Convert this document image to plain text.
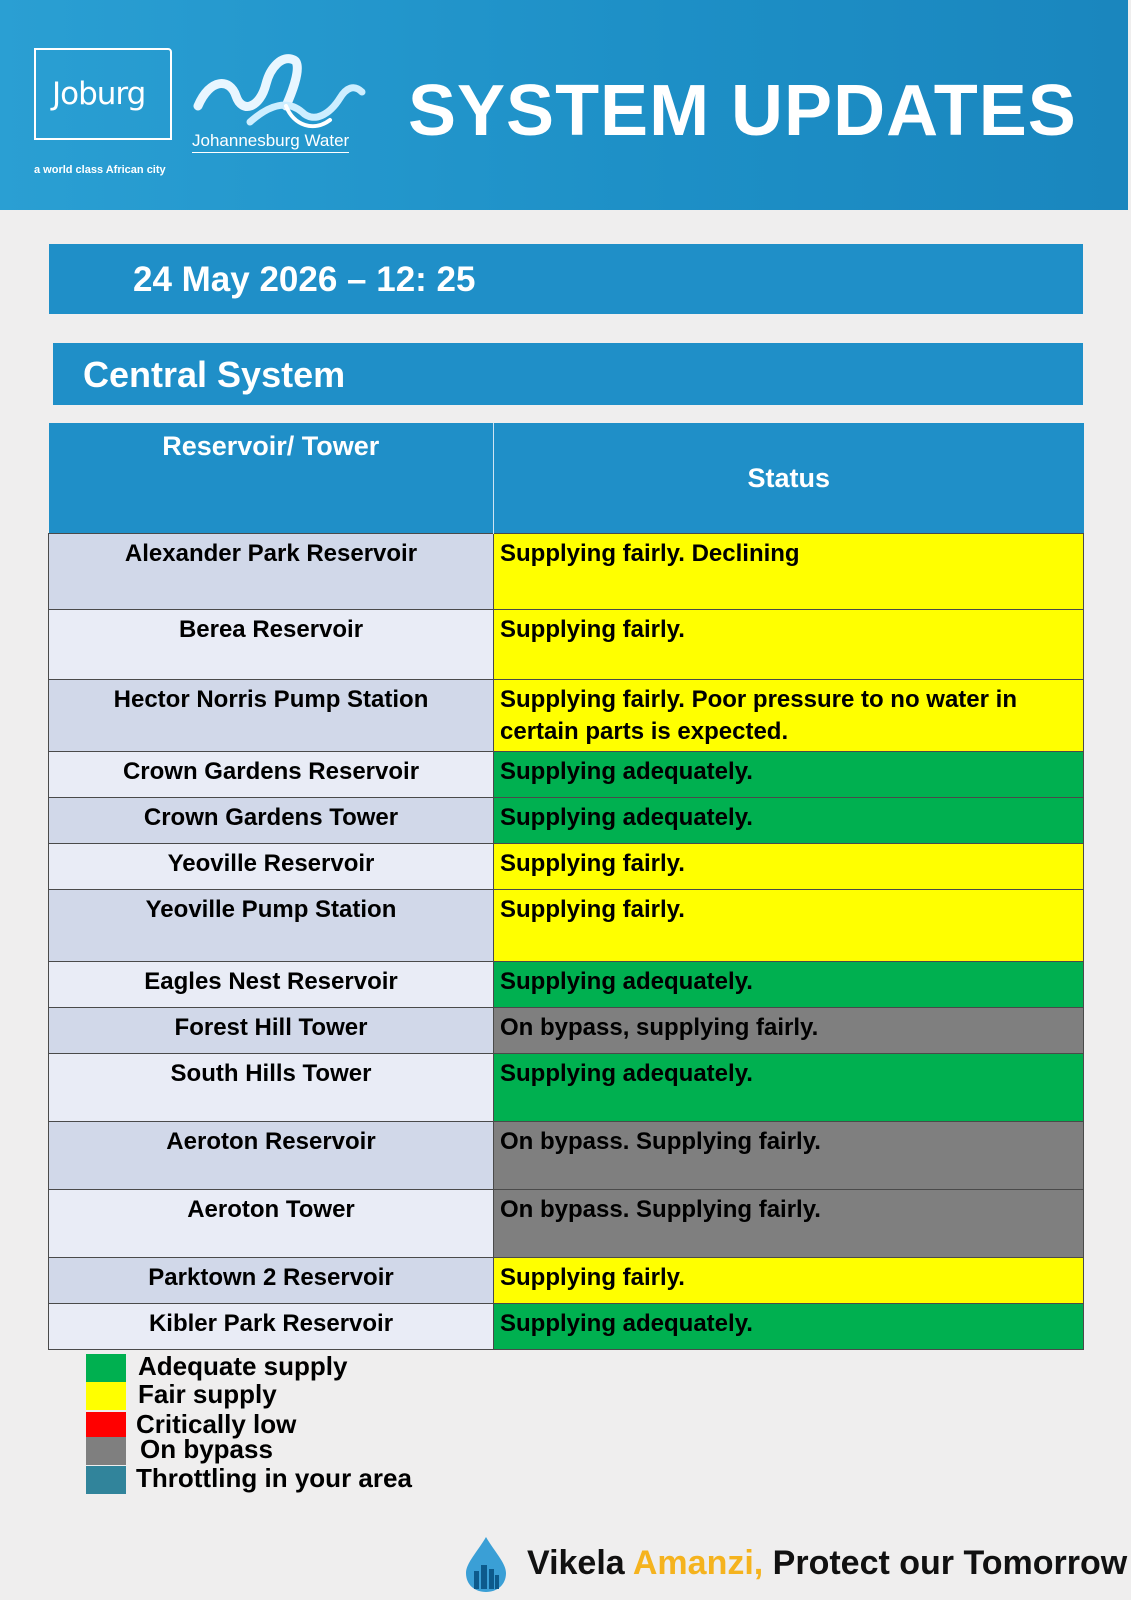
Joburg
a world class African city
Johannesburg Water SYSTEM UPDATES
24 May 2026 – 12: 25
Central System
Reservoir/ Tower	Status
Alexander Park Reservoir	Supplying fairly. Declining
Berea Reservoir	Supplying fairly.
Hector Norris Pump Station	Supplying fairly. Poor pressure to no water in certain parts is expected.
Crown Gardens Reservoir	Supplying adequately.
Crown Gardens Tower	Supplying adequately.
Yeoville Reservoir	Supplying fairly.
Yeoville Pump Station	Supplying fairly.
Eagles Nest Reservoir	Supplying adequately.
Forest Hill Tower	On bypass, supplying fairly.
South Hills Tower	Supplying adequately.
Aeroton Reservoir	On bypass. Supplying fairly.
Aeroton Tower	On bypass. Supplying fairly.
Parktown 2 Reservoir	Supplying fairly.
Kibler Park Reservoir	Supplying adequately.
Adequate supply
Fair supply
Critically low
On bypass
Throttling in your area
Vikela Amanzi, Protect our Tomorrow
